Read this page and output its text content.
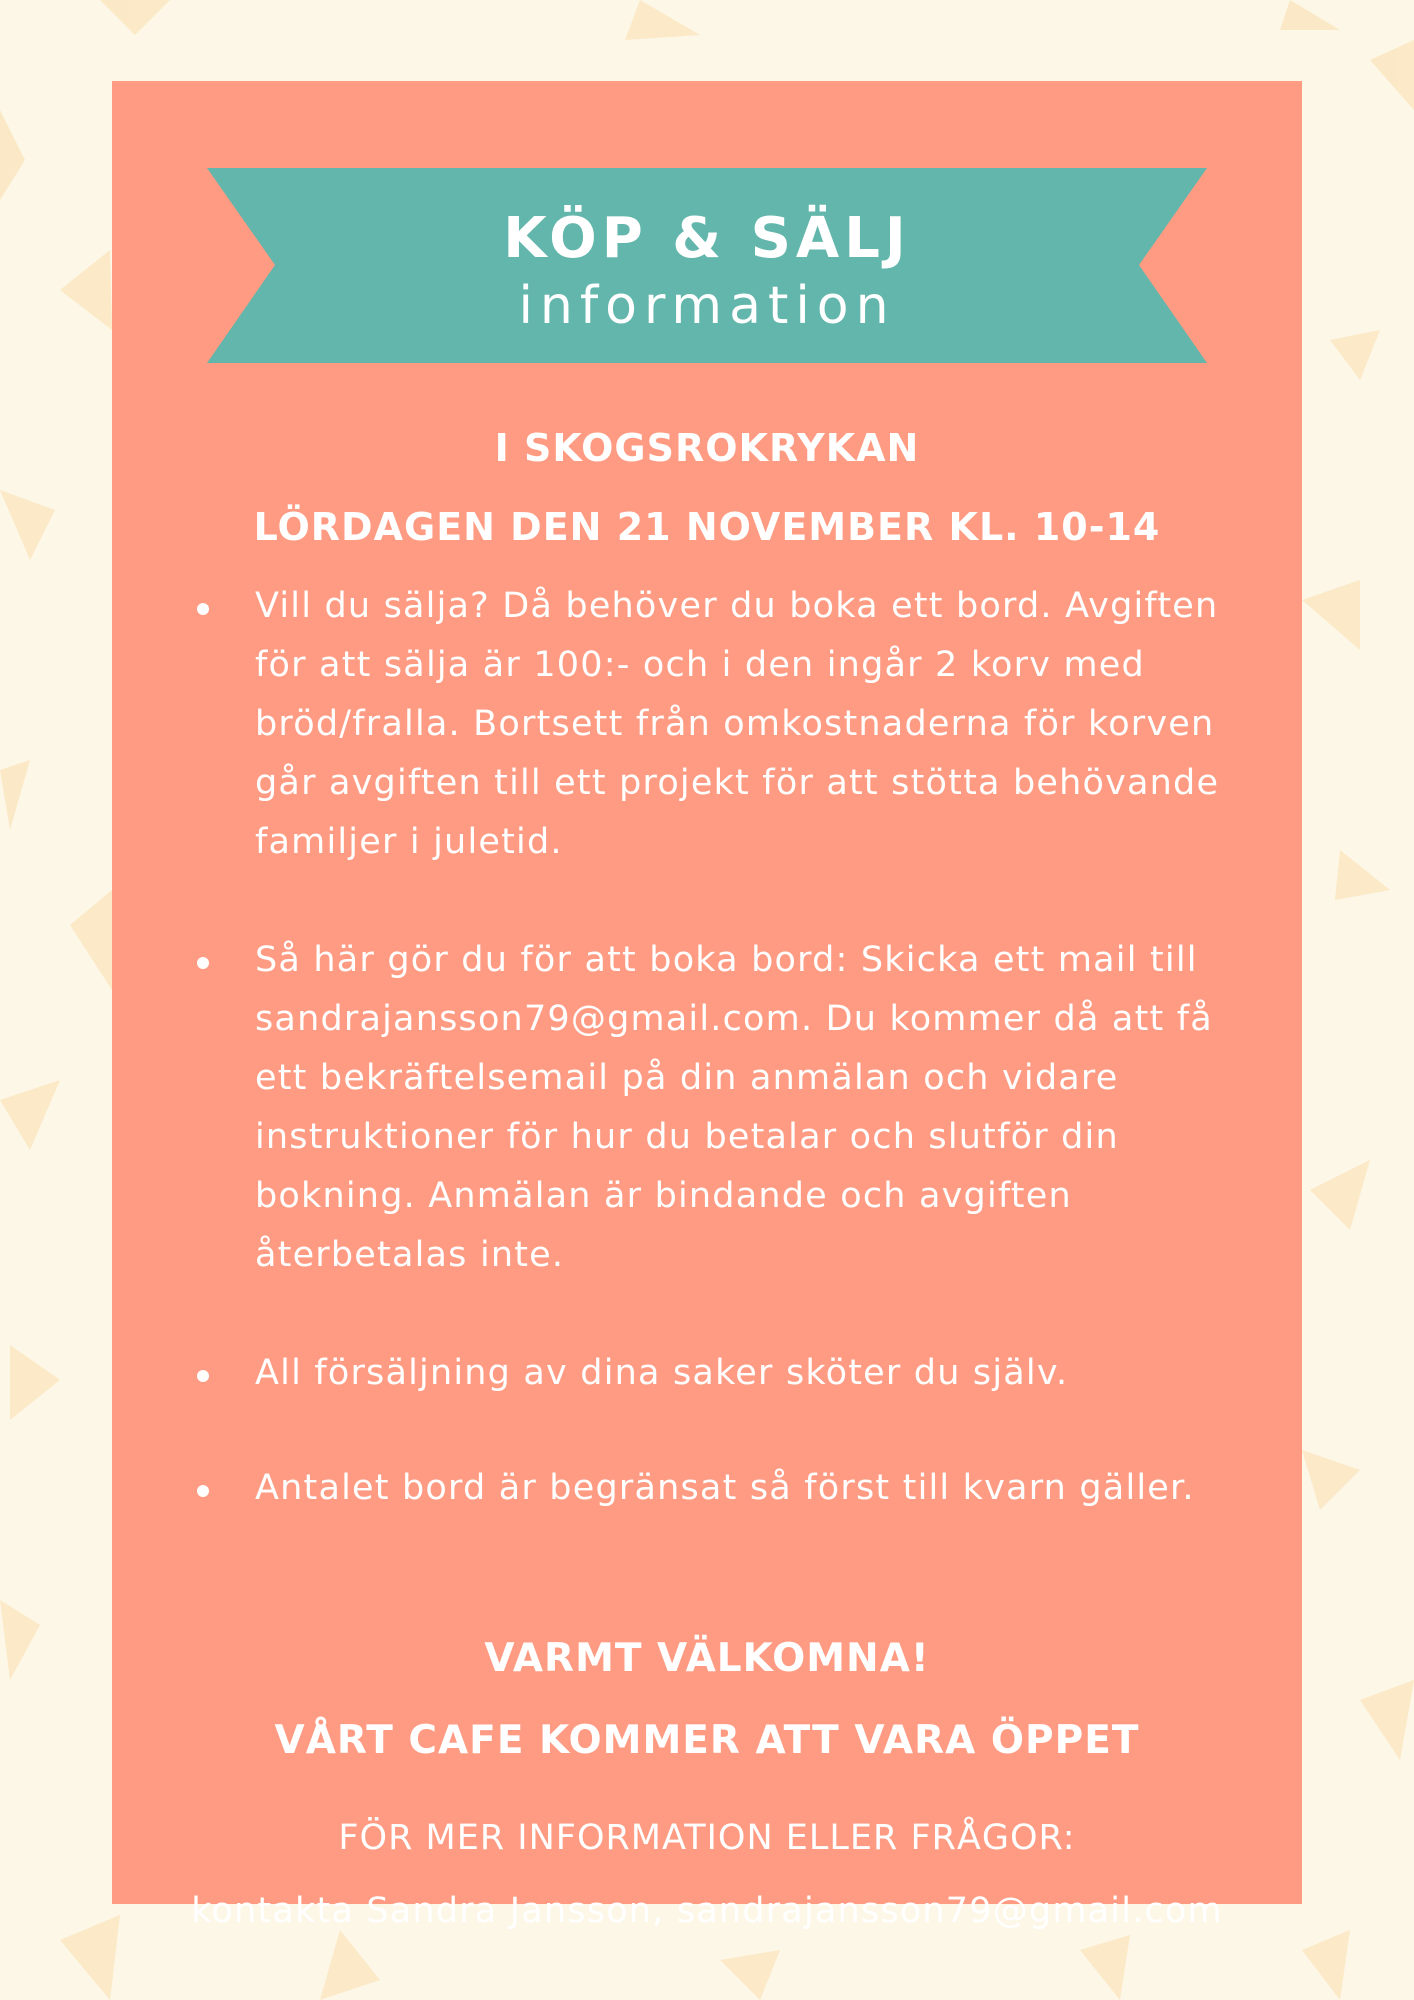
KÖP & SÄLJ
information
I SKOGSROKRYKAN
LÖRDAGEN DEN 21 NOVEMBER KL. 10-14
Vill du sälja? Då behöver du boka ett bord. Avgiften för att sälja är 100:- och i den ingår 2 korv med bröd/fralla. Bortsett från omkostnaderna för korven går avgiften till ett projekt för att stötta behövande familjer i juletid.
Så här gör du för att boka bord: Skicka ett mail till sandrajansson79@gmail.com. Du kommer då att få ett bekräftelsemail på din anmälan och vidare instruktioner för hur du betalar och slutför din bokning. Anmälan är bindande och avgiften återbetalas inte.
All försäljning av dina saker sköter du själv.
Antalet bord är begränsat så först till kvarn gäller.
VARMT VÄLKOMNA!
VÅRT CAFE KOMMER ATT VARA ÖPPET
FÖR MER INFORMATION ELLER FRÅGOR:
kontakta Sandra Jansson, sandrajansson79@gmail.com
